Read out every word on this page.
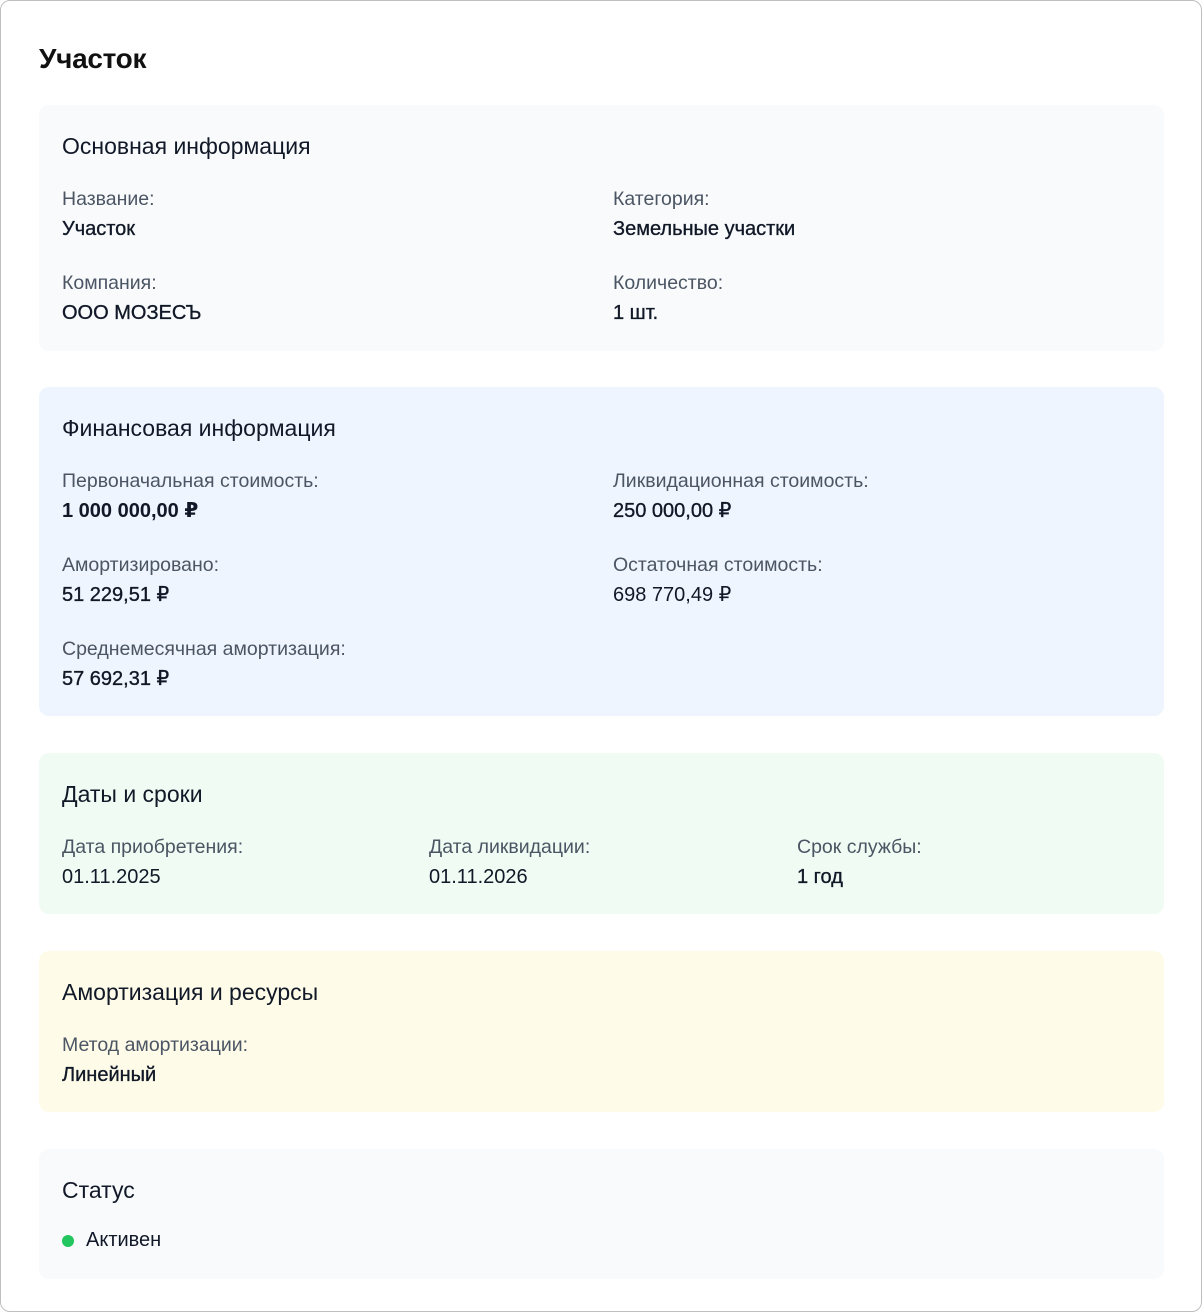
Участок
Основная информация
Название:
Участок
Категория:
Земельные участки
Компания:
ООО МОЗЕСЪ
Количество:
1 шт.
Финансовая информация
Первоначальная стоимость:
1 000 000,00 ₽
Ликвидационная стоимость:
250 000,00 ₽
Амортизировано:
51 229,51 ₽
Остаточная стоимость:
698 770,49 ₽
Среднемесячная амортизация:
57 692,31 ₽
Даты и сроки
Дата приобретения:
01.11.2025
Дата ликвидации:
01.11.2026
Срок службы:
1 год
Амортизация и ресурсы
Метод амортизации:
Линейный
Статус
Активен
